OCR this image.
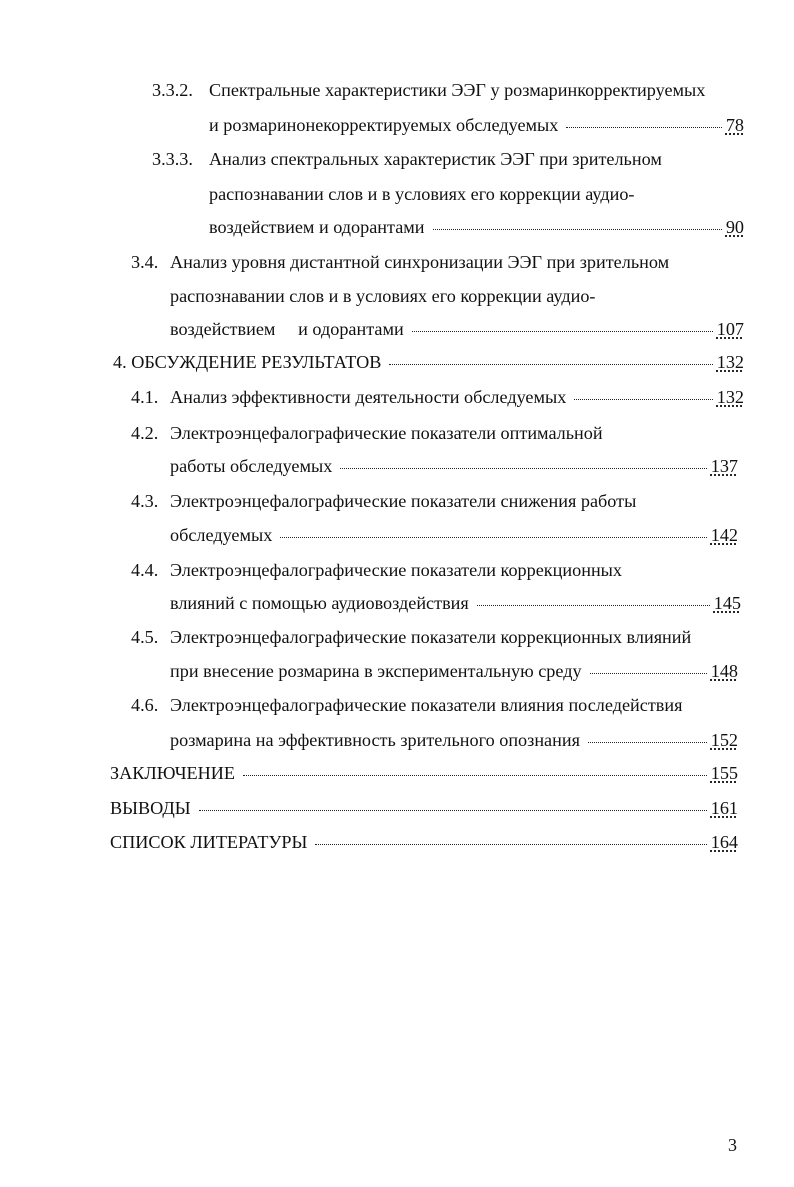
3.3.2. Спектральные характеристики ЭЭГ у розмаринкорректируемых
и розмаринонекорректируемых обследуемых	78
3.3.3. Анализ спектральных характеристик ЭЭГ при зрительном
распознавании слов и в условиях его коррекции аудио-
воздействием и одорантами	90
3.4. Анализ уровня дистантной синхронизации ЭЭГ при зрительном
распознавании слов и в условиях его коррекции аудио-
воздействием     и одорантами	107
4. ОБСУЖДЕНИЕ РЕЗУЛЬТАТОВ	132
4.1. Анализ эффективности деятельности обследуемых	132
4.2. Электроэнцефалографические показатели оптимальной
работы обследуемых	137
4.3. Электроэнцефалографические показатели снижения работы
обследуемых	142
4.4. Электроэнцефалографические показатели коррекционных
влияний с помощью аудиовоздействия	145
4.5. Электроэнцефалографические показатели коррекционных влияний
при внесение розмарина в экспериментальную среду	148
4.6. Электроэнцефалографические показатели влияния последействия
розмарина на эффективность зрительного опознания	152
ЗАКЛЮЧЕНИЕ	155
ВЫВОДЫ	161
СПИСОК ЛИТЕРАТУРЫ	164
3
